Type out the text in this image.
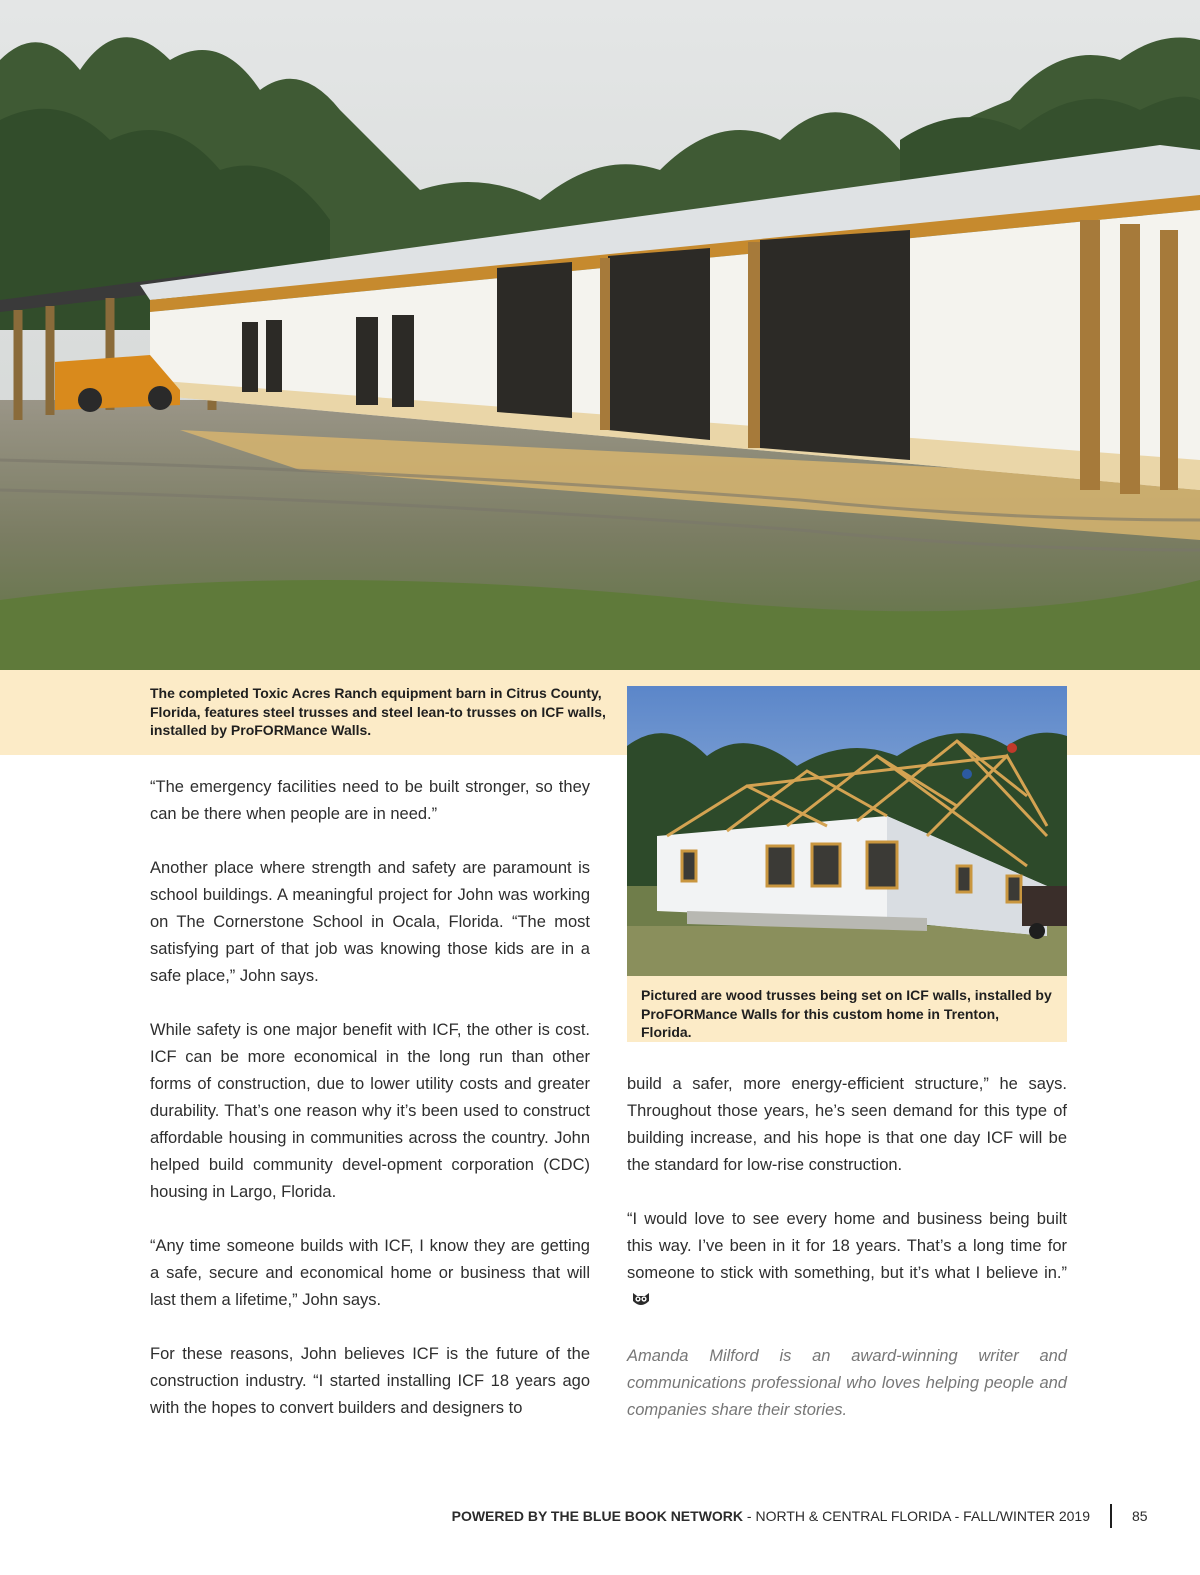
The completed Toxic Acres Ranch equipment barn in Citrus County, Florida, features steel trusses and steel lean-to trusses on ICF walls, installed by ProFORMance Walls.
Pictured are wood trusses being set on ICF walls, installed by ProFORMance Walls for this custom home in Trenton, Florida.

“The emergency facilities need to be built stronger, so they can be there when people are in need.”

Another place where strength and safety are paramount is school buildings. A meaningful project for John was working on The Cornerstone School in Ocala, Florida. “The most satisfying part of that job was knowing those kids are in a safe place,” John says.

While safety is one major benefit with ICF, the other is cost. ICF can be more economical in the long run than other forms of construction, due to lower utility costs and greater durability. That’s one reason why it’s been used to construct affordable housing in communities across the country. John helped build community devel-opment corporation (CDC) housing in Largo, Florida.

“Any time someone builds with ICF, I know they are getting a safe, secure and economical home or business that will last them a lifetime,” John says.

For these reasons, John believes ICF is the future of the construction industry. “I started installing ICF 18 years ago with the hopes to convert builders and designers to

build a safer, more energy-efficient structure,” he says. Throughout those years, he’s seen demand for this type of building increase, and his hope is that one day ICF will be the standard for low-rise construction.

“I would love to see every home and business being built this way. I’ve been in it for 18 years. That’s a long time for someone to stick with something, but it’s what I believe in.”

Amanda Milford is an award-winning writer and communications professional who loves helping people and companies share their stories.

POWERED BY THE BLUE BOOK NETWORK - NORTH & CENTRAL FLORIDA - FALL/WINTER 2019	85
